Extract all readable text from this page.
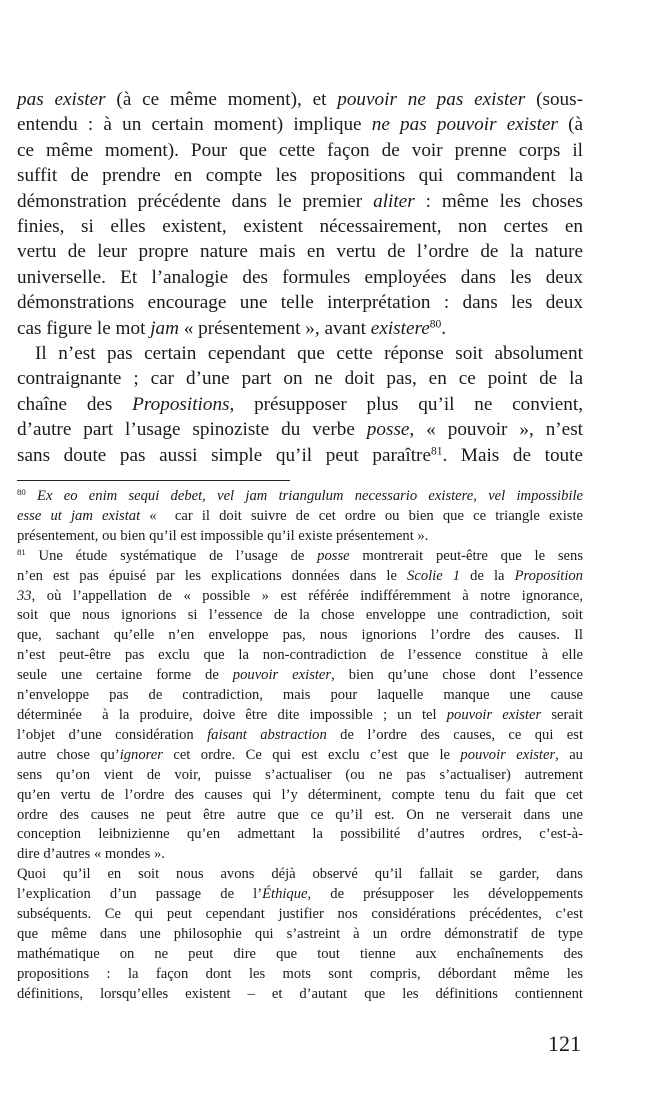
pas exister (à ce même moment), et pouvoir ne pas exister (sous-
entendu : à un certain moment) implique ne pas pouvoir exister (à
ce même moment). Pour que cette façon de voir prenne corps il
suffit de prendre en compte les propositions qui commandent la
démonstration précédente dans le premier aliter : même les choses
finies, si elles existent, existent nécessairement, non certes en
vertu de leur propre nature mais en vertu de l’ordre de la nature
universelle. Et l’analogie des formules employées dans les deux
démonstrations encourage une telle interprétation : dans les deux
cas figure le mot jam « présentement », avant existere$^{80}$.
Il n’est pas certain cependant que cette réponse soit absolument
contraignante ; car d’une part on ne doit pas, en ce point de la
chaîne des Propositions, présupposer plus qu’il ne convient,
d’autre part l’usage spinoziste du verbe posse, « pouvoir », n’est
sans doute pas aussi simple qu’il peut paraître$^{81}$. Mais de toute
$^{80}$ Ex eo enim sequi debet, vel jam triangulum necessario existere, vel impossibile
esse ut jam existat «  car il doit suivre de cet ordre ou bien que ce triangle existe
présentement, ou bien qu’il est impossible qu’il existe présentement ».
$^{81}$ Une étude systématique de l’usage de posse montrerait peut-être que le sens
n’en est pas épuisé par les explications données dans le Scolie 1 de la Proposition
33, où l’appellation de « possible » est référée indifféremment à notre ignorance,
soit que nous ignorions si l’essence de la chose enveloppe une contradiction, soit
que, sachant qu’elle n’en enveloppe pas, nous ignorions l’ordre des causes. Il
n’est peut-être pas exclu que la non-contradiction de l’essence constitue à elle
seule une certaine forme de pouvoir exister, bien qu’une chose dont l’essence
n’enveloppe pas de contradiction, mais pour laquelle manque une cause
déterminée  à la produire, doive être dite impossible ; un tel pouvoir exister serait
l’objet d’une considération faisant abstraction de l’ordre des causes, ce qui est
autre chose qu’ignorer cet ordre. Ce qui est exclu c’est que le pouvoir exister, au
sens qu’on vient de voir, puisse s’actualiser (ou ne pas s’actualiser) autrement
qu’en vertu de l’ordre des causes qui l’y déterminent, compte tenu du fait que cet
ordre des causes ne peut être autre que ce qu’il est. On ne verserait dans une
conception leibnizienne qu’en admettant la possibilité d’autres ordres, c’est-à-
dire d’autres « mondes ».
Quoi qu’il en soit nous avons déjà observé qu’il fallait se garder, dans
l’explication d’un passage de l’Éthique, de présupposer les développements
subséquents. Ce qui peut cependant justifier nos considérations précédentes, c’est
que même dans une philosophie qui s’astreint à un ordre démonstratif de type
mathématique on ne peut dire que tout tienne aux enchaînements des
propositions : la façon dont les mots sont compris, débordant même les
définitions, lorsqu’elles existent – et d’autant que les définitions contiennent
121
